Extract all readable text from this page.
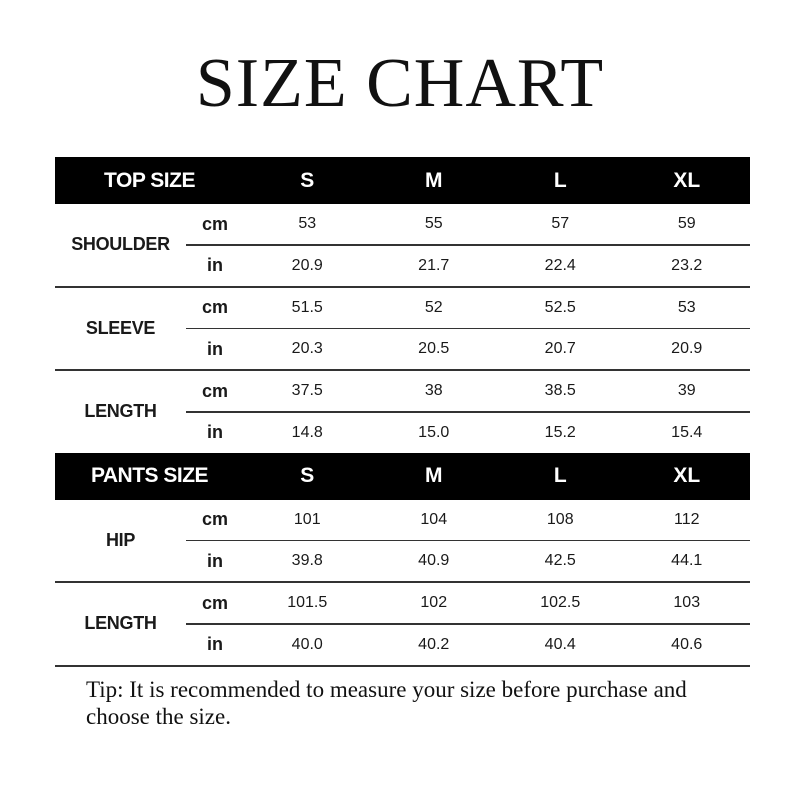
SIZE CHART
TOP SIZE	S	M	L	XL
SHOULDER
cm	53	55	57	59
in	20.9	21.7	22.4	23.2
SLEEVE
cm	51.5	52	52.5	53
in	20.3	20.5	20.7	20.9
LENGTH
cm	37.5	38	38.5	39
in	14.8	15.0	15.2	15.4
PANTS SIZE	S	M	L	XL
HIP
cm	101	104	108	112
in	39.8	40.9	42.5	44.1
LENGTH
cm	101.5	102	102.5	103
in	40.0	40.2	40.4	40.6
Tip: It is recommended to measure your size before purchase and choose the size.
